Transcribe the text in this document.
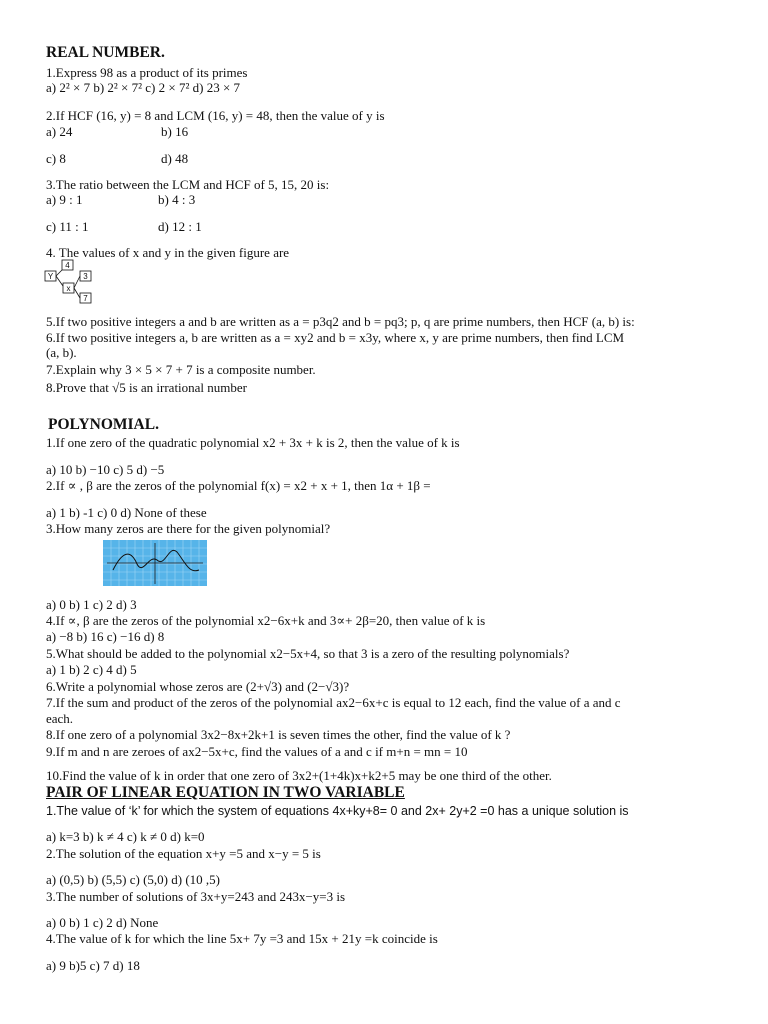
REAL NUMBER.
1.Express 98 as a product of its primes
a) 2² × 7 b) 2² × 7² c) 2 × 7² d) 23 × 7
2.If HCF (16, y) = 8 and LCM (16, y) = 48, then the value of y is
a) 24	b) 16
c) 8	d) 48
3.The ratio between the LCM and HCF of 5, 15, 20 is:
a) 9 : 1	b) 4 : 3
c) 11 : 1	d) 12 : 1
4. The values of x and y in the given figure are
4
Y	3
x
7
5.If two positive integers a and b are written as a = p3q2 and b = pq3; p, q are prime numbers, then HCF (a, b) is:
6.If two positive integers a, b are written as a = xy2 and b = x3y, where x, y are prime numbers, then find LCM
(a, b).
7.Explain why 3 × 5 × 7 + 7 is a composite number.
8.Prove that √5 is an irrational number
POLYNOMIAL.
1.If one zero of the quadratic polynomial x2 + 3x + k is 2, then the value of k is
a) 10 b) −10 c) 5 d) −5
2.If ∝ , β are the zeros of the polynomial f(x) = x2 + x + 1, then 1α + 1β =
a) 1 b) -1 c) 0 d) None of these
3.How many zeros are there for the given polynomial?
a) 0 b) 1 c) 2 d) 3
4.If ∝, β are the zeros of the polynomial x2−6x+k and 3∝+ 2β=20, then value of k is
a) −8 b) 16 c) −16 d) 8
5.What should be added to the polynomial x2−5x+4, so that 3 is a zero of the resulting polynomials?
a) 1 b) 2 c) 4 d) 5
6.Write a polynomial whose zeros are (2+√3) and (2−√3)?
7.If the sum and product of the zeros of the polynomial ax2−6x+c is equal to 12 each, find the value of a and c
each.
8.If one zero of a polynomial 3x2−8x+2k+1 is seven times the other, find the value of k ?
9.If m and n are zeroes of ax2−5x+c, find the values of a and c if m+n = mn = 10
10.Find the value of k in order that one zero of 3x2+(1+4k)x+k2+5 may be one third of the other.
PAIR OF LINEAR EQUATION IN TWO VARIABLE
1.The value of ‘k’ for which the system of equations 4x+ky+8= 0 and 2x+ 2y+2 =0 has a unique solution is
a) k=3 b) k ≠ 4 c) k ≠ 0 d) k=0
2.The solution of the equation x+y =5 and x−y = 5 is
a) (0,5) b) (5,5) c) (5,0) d) (10 ,5)
3.The number of solutions of 3x+y=243 and 243x−y=3 is
a) 0 b) 1 c) 2 d) None
4.The value of k for which the line 5x+ 7y =3 and 15x + 21y =k coincide is
a) 9 b)5 c) 7 d) 18
